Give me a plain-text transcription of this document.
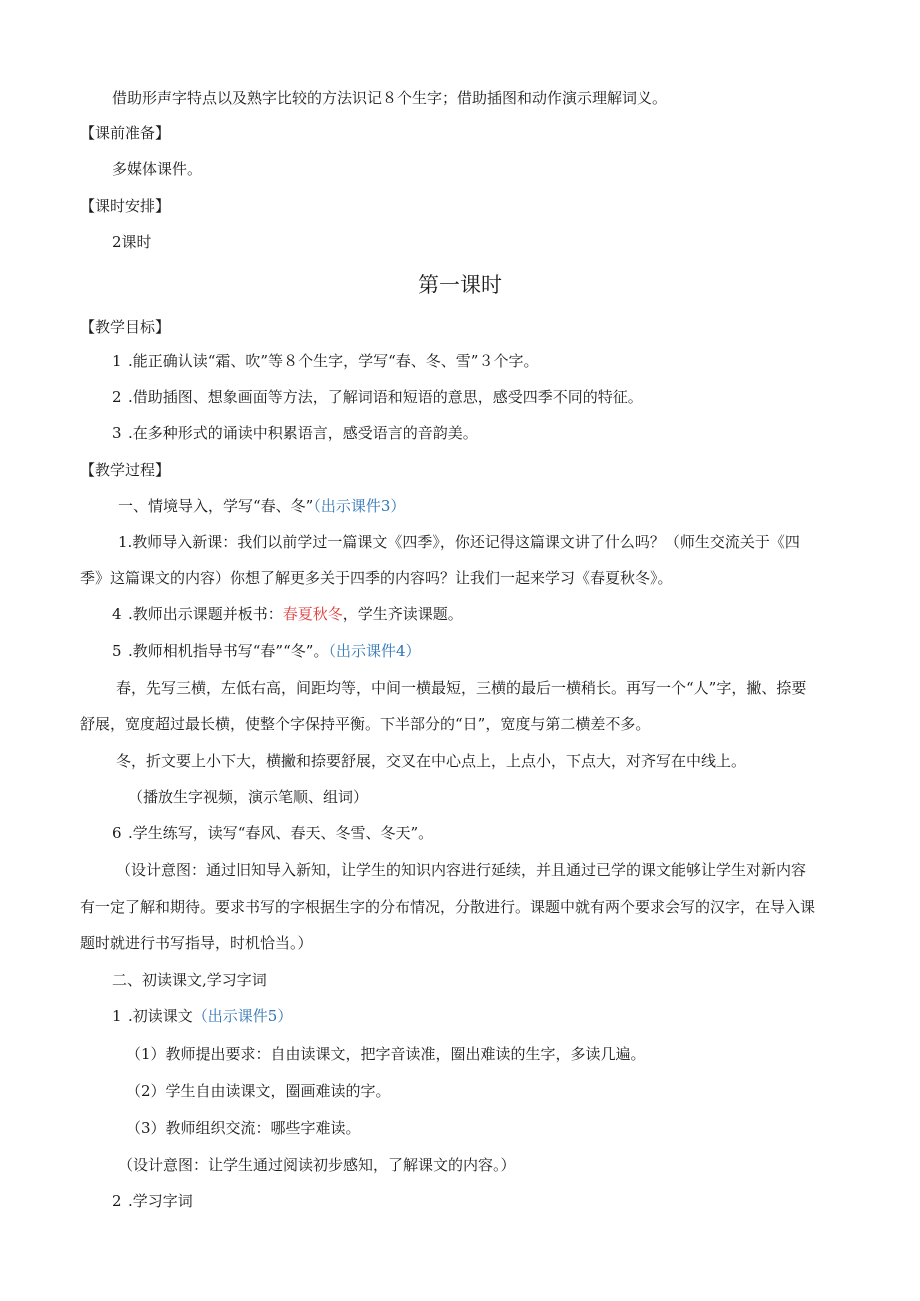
借助形声字特点以及熟字比较的方法识记８个生字；借助插图和动作演示理解词义。
【课前准备】
多媒体课件。
【课时安排】
2课时
第一课时
【教学目标】
1 .能正确认读“霜、吹”等８个生字，学写“春、冬、雪”３个字。
2 .借助插图、想象画面等方法，了解词语和短语的意思，感受四季不同的特征。
3 .在多种形式的诵读中积累语言，感受语言的音韵美。
【教学过程】
一、情境导入，学写“春、冬”（出示课件3）
1.教师导入新课：我们以前学过一篇课文《四季》，你还记得这篇课文讲了什么吗？（师生交流关于《四
季》这篇课文的内容）你想了解更多关于四季的内容吗？让我们一起来学习《春夏秋冬》。
4 .教师出示课题并板书：春夏秋冬，学生齐读课题。
5 .教师相机指导书写“春”“冬”。（出示课件4）
春，先写三横，左低右高，间距均等，中间一横最短，三横的最后一横稍长。再写一个“人”字，撇、捺要
舒展，宽度超过最长横，使整个字保持平衡。下半部分的“日”，宽度与第二横差不多。
冬，折文要上小下大，横撇和捺要舒展，交叉在中心点上，上点小，下点大，对齐写在中线上。
（播放生字视频，演示笔顺、组词）
6 .学生练写，读写“春风、春天、冬雪、冬天”。
（设计意图：通过旧知导入新知，让学生的知识内容进行延续，并且通过已学的课文能够让学生对新内容
有一定了解和期待。要求书写的字根据生字的分布情况，分散进行。课题中就有两个要求会写的汉字，在导入课
题时就进行书写指导，时机恰当。）
二、初读课文,学习字词
1 .初读课文（出示课件5）
（1）教师提出要求：自由读课文，把字音读准，圈出难读的生字，多读几遍。
（2）学生自由读课文，圈画难读的字。
（3）教师组织交流：哪些字难读。
（设计意图：让学生通过阅读初步感知，了解课文的内容。）
2 .学习字词
